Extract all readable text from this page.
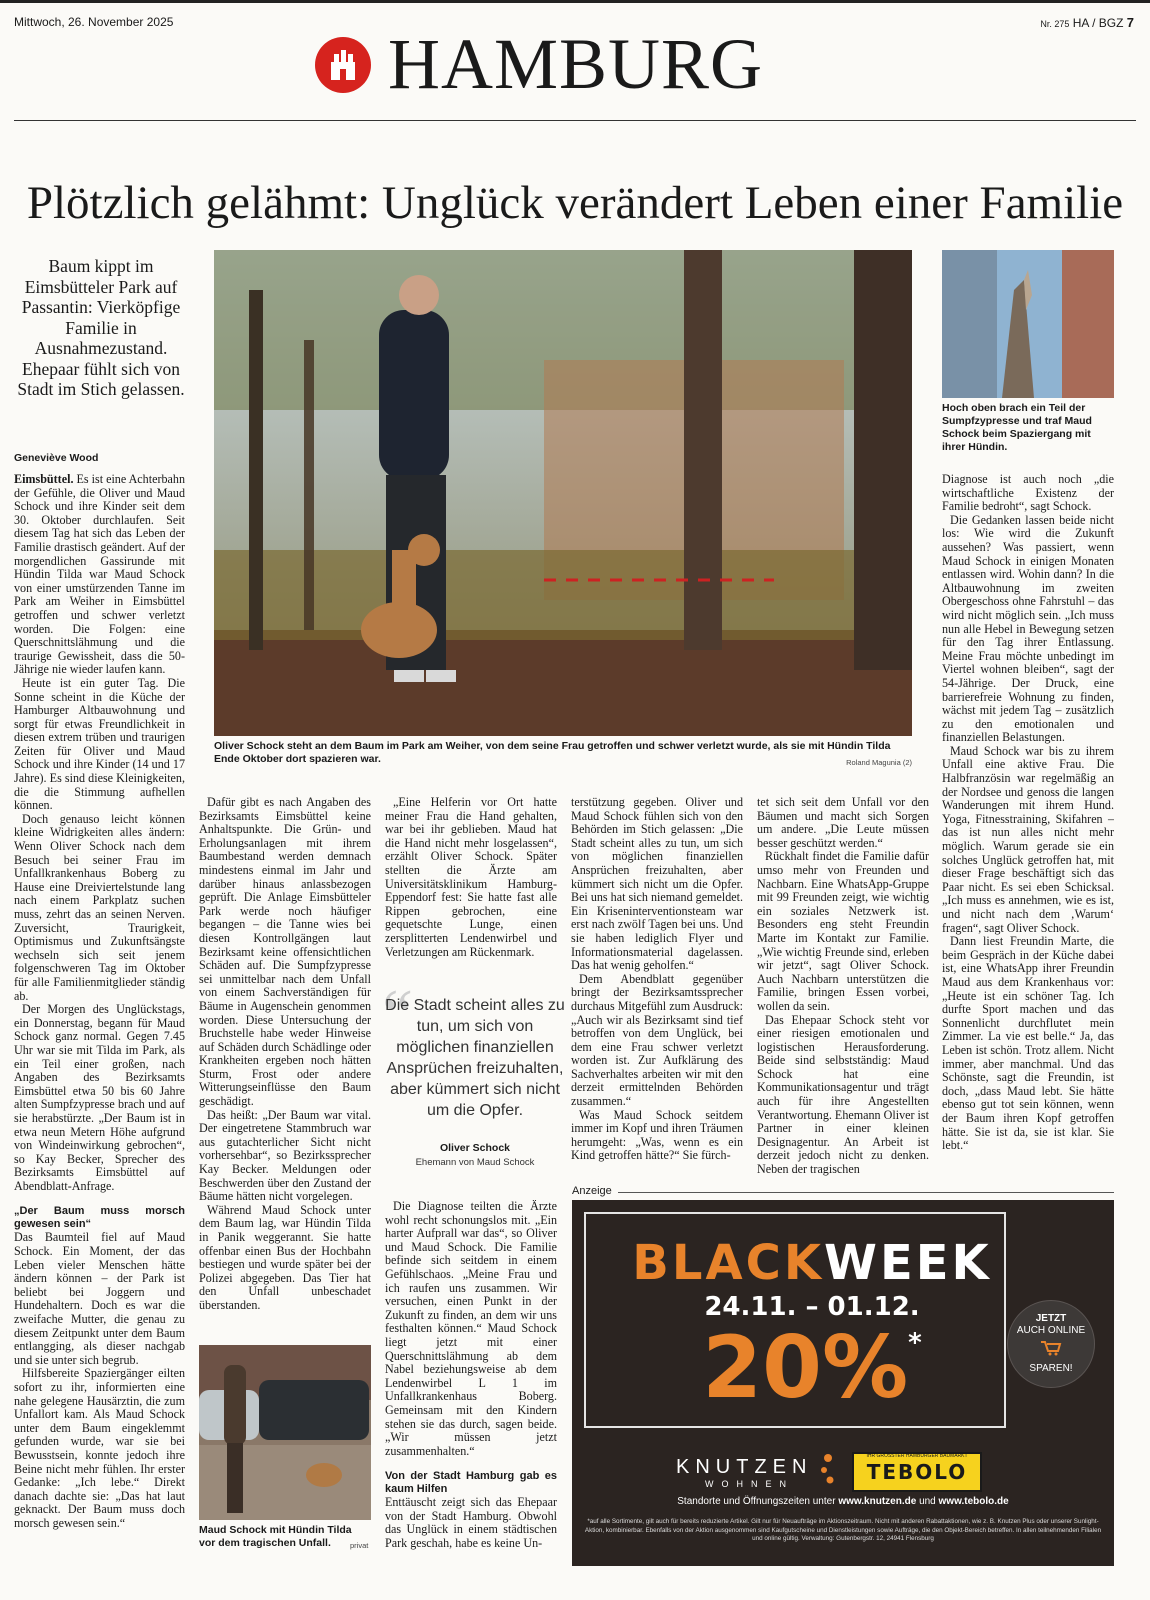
Mittwoch, 26. November 2025	Nr. 275 HA / BGZ 7
HAMBURG
Plötzlich gelähmt: Unglück verändert Leben einer Familie
Baum kippt im Eimsbütteler Park auf Passantin: Vierköpfige Familie in Ausnahmezustand. Ehepaar fühlt sich von Stadt im Stich gelassen.
Geneviève Wood

Eimsbüttel. Es ist eine Achterbahn der Gefühle, die Oliver und Maud Schock und ihre Kinder seit dem 30. Oktober durchlaufen. Seit diesem Tag hat sich das Leben der Familie drastisch geändert. Auf der morgendlichen Gassirunde mit Hündin Tilda war Maud Schock von einer umstürzenden Tanne im Park am Weiher in Eimsbüttel getroffen und schwer verletzt worden. Die Folgen: eine Querschnittslähmung und die traurige Gewissheit, dass die 50-Jährige nie wieder laufen kann.

Heute ist ein guter Tag. Die Sonne scheint in die Küche der Hamburger Altbauwohnung und sorgt für etwas Freundlichkeit in diesen extrem trüben und traurigen Zeiten für Oliver und Maud Schock und ihre Kinder (14 und 17 Jahre). Es sind diese Kleinigkeiten, die die Stimmung aufhellen können.

Doch genauso leicht können kleine Widrigkeiten alles ändern: Wenn Oliver Schock nach dem Besuch bei seiner Frau im Unfallkrankenhaus Boberg zu Hause eine Dreiviertelstunde lang nach einem Parkplatz suchen muss, zehrt das an seinen Nerven. Zuversicht, Traurigkeit, Optimismus und Zukunftsängste wechseln sich seit jenem folgenschweren Tag im Oktober für alle Familienmitglieder ständig ab.

Der Morgen des Unglückstags, ein Donnerstag, begann für Maud Schock ganz normal. Gegen 7.45 Uhr war sie mit Tilda im Park, als ein Teil einer großen, nach Angaben des Bezirksamts Eimsbüttel etwa 50 bis 60 Jahre alten Sumpfzypresse brach und auf sie herabstürzte. „Der Baum ist in etwa neun Metern Höhe aufgrund von Windeinwirkung gebrochen“, so Kay Becker, Sprecher des Bezirksamts Eimsbüttel auf Abendblatt-Anfrage.

„Der Baum muss morsch gewesen sein“

Das Baumteil fiel auf Maud Schock. Ein Moment, der das Leben vieler Menschen hätte ändern können – der Park ist beliebt bei Joggern und Hundehaltern. Doch es war die zweifache Mutter, die genau zu diesem Zeitpunkt unter dem Baum entlangging, als dieser nachgab und sie unter sich begrub.

Hilfsbereite Spaziergänger eilten sofort zu ihr, informierten eine nahe gelegene Hausärztin, die zum Unfallort kam. Als Maud Schock unter dem Baum eingeklemmt gefunden wurde, war sie bei Bewusstsein, konnte jedoch ihre Beine nicht mehr fühlen. Ihr erster Gedanke: „Ich lebe.“ Direkt danach dachte sie: „Das hat laut geknackt. Der Baum muss doch morsch gewesen sein.“

Oliver Schock steht an dem Baum im Park am Weiher, von dem seine Frau getroffen und schwer verletzt wurde, als sie mit Hündin Tilda Ende Oktober dort spazieren war.	Roland Magunia (2)
Hoch oben brach ein Teil der Sumpfzypresse und traf Maud Schock beim Spaziergang mit ihrer Hündin.

Dafür gibt es nach Angaben des Bezirksamts Eimsbüttel keine Anhaltspunkte. Die Grün- und Erholungsanlagen mit ihrem Baumbestand werden demnach mindestens einmal im Jahr und darüber hinaus anlassbezogen geprüft. Die Anlage Eimsbütteler Park werde noch häufiger begangen – die Tanne wies bei diesen Kontrollgängen laut Bezirksamt keine offensichtlichen Schäden auf. Die Sumpfzypresse sei unmittelbar nach dem Unfall von einem Sachverständigen für Bäume in Augenschein genommen worden. Diese Untersuchung der Bruchstelle habe weder Hinweise auf Schäden durch Schädlinge oder Krankheiten ergeben noch hätten Sturm, Frost oder andere Witterungseinflüsse den Baum geschädigt.

Das heißt: „Der Baum war vital. Der eingetretene Stammbruch war aus gutachterlicher Sicht nicht vorhersehbar“, so Bezirkssprecher Kay Becker. Meldungen oder Beschwerden über den Zustand der Bäume hätten nicht vorgelegen.

Während Maud Schock unter dem Baum lag, war Hündin Tilda in Panik weggerannt. Sie hatte offenbar einen Bus der Hochbahn bestiegen und wurde später bei der Polizei abgegeben. Das Tier hat den Unfall unbeschadet überstanden.

Maud Schock mit Hündin Tilda vor dem tragischen Unfall.	privat

„Eine Helferin vor Ort hatte meiner Frau die Hand gehalten, war bei ihr geblieben. Maud hat die Hand nicht mehr losgelassen“, erzählt Oliver Schock. Später stellten die Ärzte am Universitätsklinikum Hamburg-Eppendorf fest: Sie hatte fast alle Rippen gebrochen, eine gequetschte Lunge, einen zersplitterten Lendenwirbel und Verletzungen am Rückenmark.

“
Die Stadt scheint alles zu tun, um sich von möglichen finanziellen Ansprüchen freizuhalten, aber kümmert sich nicht um die Opfer.
Oliver Schock
Ehemann von Maud Schock

Die Diagnose teilten die Ärzte wohl recht schonungslos mit. „Ein harter Aufprall war das“, so Oliver und Maud Schock. Die Familie befinde sich seitdem in einem Gefühlschaos. „Meine Frau und ich raufen uns zusammen. Wir versuchen, einen Punkt in der Zukunft zu finden, an dem wir uns festhalten können.“ Maud Schock liegt jetzt mit einer Querschnittslähmung ab dem Nabel beziehungsweise ab dem Lendenwirbel L 1 im Unfallkrankenhaus Boberg. Gemeinsam mit den Kindern stehen sie das durch, sagen beide. „Wir müssen jetzt zusammenhalten.“

Von der Stadt Hamburg gab es kaum Hilfen

Enttäuscht zeigt sich das Ehepaar von der Stadt Hamburg. Obwohl das Unglück in einem städtischen Park geschah, habe es keine Un-

terstützung gegeben. Oliver und Maud Schock fühlen sich von den Behörden im Stich gelassen: „Die Stadt scheint alles zu tun, um sich von möglichen finanziellen Ansprüchen freizuhalten, aber kümmert sich nicht um die Opfer. Bei uns hat sich niemand gemeldet. Ein Kriseninterventionsteam war erst nach zwölf Tagen bei uns. Und sie haben lediglich Flyer und Informationsmaterial dagelassen. Das hat wenig geholfen.“

Dem Abendblatt gegenüber bringt der Bezirksamtssprecher durchaus Mitgefühl zum Ausdruck: „Auch wir als Bezirksamt sind tief betroffen von dem Unglück, bei dem eine Frau schwer verletzt worden ist. Zur Aufklärung des Sachverhaltes arbeiten wir mit den derzeit ermittelnden Behörden zusammen.“

Was Maud Schock seitdem immer im Kopf und ihren Träumen herumgeht: „Was, wenn es ein Kind getroffen hätte?“ Sie fürch-

tet sich seit dem Unfall vor den Bäumen und macht sich Sorgen um andere. „Die Leute müssen besser geschützt werden.“

Rückhalt findet die Familie dafür umso mehr von Freunden und Nachbarn. Eine WhatsApp-Gruppe mit 99 Freunden zeigt, wie wichtig ein soziales Netzwerk ist. Besonders eng steht Freundin Marte im Kontakt zur Familie. „Wie wichtig Freunde sind, erleben wir jetzt“, sagt Oliver Schock. Auch Nachbarn unterstützen die Familie, bringen Essen vorbei, wollen da sein.

Das Ehepaar Schock steht vor einer riesigen emotionalen und logistischen Herausforderung. Beide sind selbstständig: Maud Schock hat eine Kommunikationsagentur und trägt auch für ihre Angestellten Verantwortung. Ehemann Oliver ist Partner in einer kleinen Designagentur. An Arbeit ist derzeit jedoch nicht zu denken. Neben der tragischen

Diagnose ist auch noch „die wirtschaftliche Existenz der Familie bedroht“, sagt Schock.

Die Gedanken lassen beide nicht los: Wie wird die Zukunft aussehen? Was passiert, wenn Maud Schock in einigen Monaten entlassen wird. Wohin dann? In die Altbauwohnung im zweiten Obergeschoss ohne Fahrstuhl – das wird nicht möglich sein. „Ich muss nun alle Hebel in Bewegung setzen für den Tag ihrer Entlassung. Meine Frau möchte unbedingt im Viertel wohnen bleiben“, sagt der 54-Jährige. Der Druck, eine barrierefreie Wohnung zu finden, wächst mit jedem Tag – zusätzlich zu den emotionalen und finanziellen Belastungen.

Maud Schock war bis zu ihrem Unfall eine aktive Frau. Die Halbfranzösin war regelmäßig an der Nordsee und genoss die langen Wanderungen mit ihrem Hund. Yoga, Fitnesstraining, Skifahren – das ist nun alles nicht mehr möglich. Warum gerade sie ein solches Unglück getroffen hat, mit dieser Frage beschäftigt sich das Paar nicht. Es sei eben Schicksal. „Ich muss es annehmen, wie es ist, und nicht nach dem ‚Warum‘ fragen“, sagt Oliver Schock.

Dann liest Freundin Marte, die beim Gespräch in der Küche dabei ist, eine WhatsApp ihrer Freundin Maud aus dem Krankenhaus vor: „Heute ist ein schöner Tag. Ich durfte Sport machen und das Sonnenlicht durchflutet mein Zimmer. La vie est belle.“ Ja, das Leben ist schön. Trotz allem. Nicht immer, aber manchmal. Und das Schönste, sagt die Freundin, ist doch, „dass Maud lebt. Sie hätte ebenso gut tot sein können, wenn der Baum ihren Kopf getroffen hätte. Sie ist da, sie ist klar. Sie lebt.“

Anzeige
BLACKWEEK
24.11. – 01.12.
20%*
JETZT
AUCH ONLINE
SPAREN!
KNUTZEN
WOHNEN	TEBOLO
IHR GRÖSSTER HAMBURGER BAUMARKT
Standorte und Öffnungszeiten unter www.knutzen.de und www.tebolo.de
*auf alle Sortimente, gilt auch für bereits reduzierte Artikel. Gilt nur für Neuaufträge im Aktionszeitraum. Nicht mit anderen Rabattaktionen, wie z. B. Knutzen Plus oder unserer Sunlight-Aktion, kombinierbar. Ebenfalls von der Aktion ausgenommen sind Kaufgutscheine und Dienstleistungen sowie Aufträge, die den Objekt-Bereich betreffen. In allen teilnehmenden Filialen und online gültig. Verwaltung: Gutenbergstr. 12, 24941 Flensburg
